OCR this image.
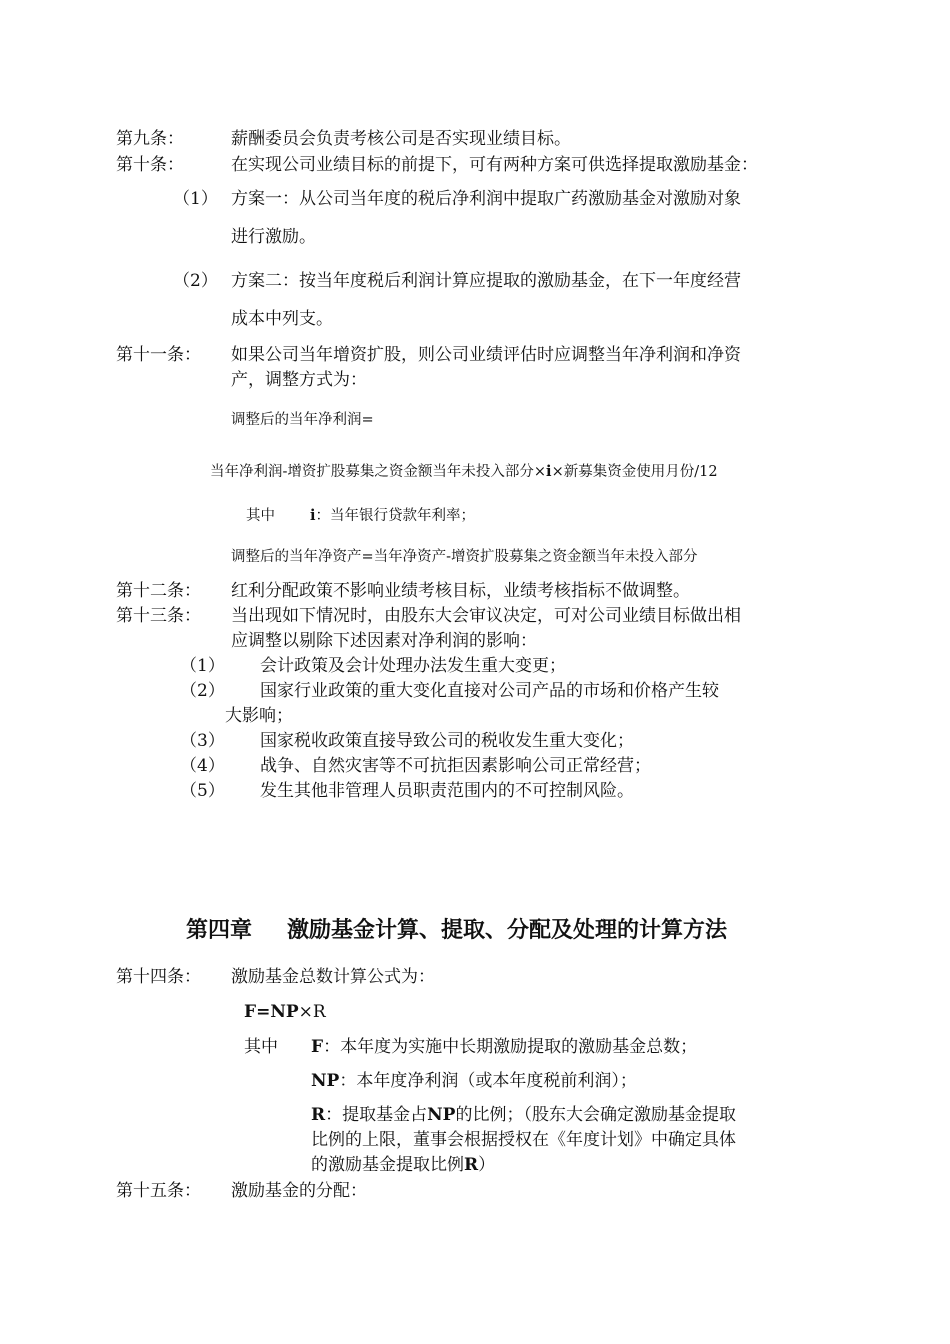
第九条：	薪酬委员会负责考核公司是否实现业绩目标。
第十条：	在实现公司业绩目标的前提下，可有两种方案可供选择提取激励基金：
（1） 方案一：从公司当年度的税后净利润中提取广药激励基金对激励对象
进行激励。
（2） 方案二：按当年度税后利润计算应提取的激励基金，在下一年度经营
成本中列支。
第十一条： 如果公司当年增资扩股，则公司业绩评估时应调整当年净利润和净资
产，调整方式为：
调整后的当年净利润=
当年净利润-增资扩股募集之资金额当年未投入部分×i×新募集资金使用月份/12
其中 i：当年银行贷款年利率；
调整后的当年净资产=当年净资产-增资扩股募集之资金额当年未投入部分
第十二条： 红利分配政策不影响业绩考核目标，业绩考核指标不做调整。
第十三条： 当出现如下情况时，由股东大会审议决定，可对公司业绩目标做出相
应调整以剔除下述因素对净利润的影响：
（1） 会计政策及会计处理办法发生重大变更；
（2） 国家行业政策的重大变化直接对公司产品的市场和价格产生较
大影响；
（3） 国家税收政策直接导致公司的税收发生重大变化；
（4） 战争、自然灾害等不可抗拒因素影响公司正常经营；
（5） 发生其他非管理人员职责范围内的不可控制风险。
第四章 激励基金计算、提取、分配及处理的计算方法
第十四条： 激励基金总数计算公式为：
F=NP×R
其中 F：本年度为实施中长期激励提取的激励基金总数；
NP：本年度净利润（或本年度税前利润）；
R：提取基金占NP的比例；（股东大会确定激励基金提取
比例的上限，董事会根据授权在《年度计划》中确定具体
的激励基金提取比例R）
第十五条： 激励基金的分配：
